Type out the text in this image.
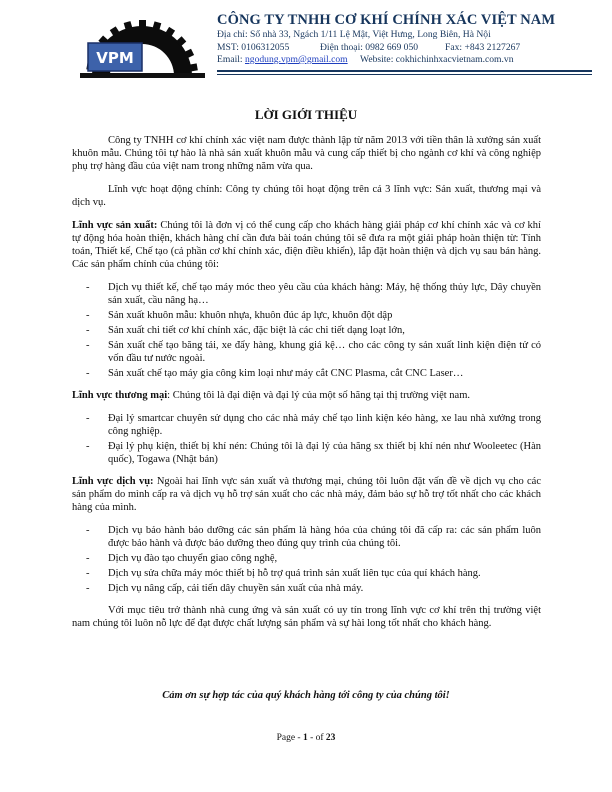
VPM
CÔNG TY TNHH CƠ KHÍ CHÍNH XÁC VIỆT NAM
Địa chỉ: Số nhà 33, Ngách 1/11 Lệ Mật, Việt Hưng, Long Biên, Hà Nội
MST: 0106312055	Điện thoại: 0982 669 050	Fax: +843 2127267
Email: ngodung.vpm@gmail.com Website: cokhichinhxacvietnam.com.vn
LỜI GIỚI THIỆU

Công ty TNHH cơ khí chính xác việt nam được thành lập từ năm 2013 với tiền thân là xưởng sản xuất khuôn mẫu. Chúng tôi tự hào là nhà sản xuất khuôn mẫu và cung cấp thiết bị cho ngành cơ khí và công nghiệp phụ trợ hàng đầu của việt nam trong những năm vừa qua.

Lĩnh vực hoạt động chính: Công ty chúng tôi hoạt động trên cả 3 lĩnh vực: Sản xuất, thương mại và dịch vụ.

Lĩnh vực sản xuất: Chúng tôi là đơn vị có thể cung cấp cho khách hàng giải pháp cơ khí chính xác và cơ khí tự động hóa hoàn thiện, khách hàng chỉ cần đưa bài toán chúng tôi sẽ đưa ra một giải pháp hoàn thiện từ: Tính toán, Thiết kế, Chế tạo (cả phần cơ khí chính xác, điện điều khiển), lắp đặt hoàn thiện và dịch vụ sau bán hàng. Các sản phẩm chính của chúng tôi:

- Dịch vụ thiết kế, chế tạo máy móc theo yêu cầu của khách hàng: Máy, hệ thống thủy lực, Dây chuyền sản xuất, cầu nâng hạ…
- Sản xuất khuôn mẫu: khuôn nhựa, khuôn đúc áp lực, khuôn đột dập
- Sản xuất chi tiết cơ khí chính xác, đặc biệt là các chi tiết dạng loạt lớn,
- Sản xuất chế tạo băng tải, xe đẩy hàng, khung giá kệ… cho các công ty sản xuất linh kiện điện tử có vốn đầu tư nước ngoài.
- Sản xuất chế tạo máy gia công kim loại như máy cắt CNC Plasma, cắt CNC Laser…

Lĩnh vực thương mại: Chúng tôi là đại diện và đại lý của một số hãng tại thị trường việt nam.

- Đại lý smartcar chuyên sử dụng cho các nhà máy chế tạo linh kiện kéo hàng, xe lau nhà xưởng trong công nghiệp.
- Đại lý phụ kiện, thiết bị khí nén: Chúng tôi là đại lý của hãng sx thiết bị khí nén như Wooleetec (Hàn quốc), Togawa (Nhật bản)

Lĩnh vực dịch vụ: Ngoài hai lĩnh vực sản xuất và thương mại, chúng tôi luôn đặt vấn đề về dịch vụ cho các sản phẩm do mình cấp ra và dịch vụ hỗ trợ sản xuất cho các nhà máy, đảm bảo sự hỗ trợ tốt nhất cho các khách hàng của mình.

- Dịch vụ bảo hành bảo dưỡng các sản phẩm là hàng hóa của chúng tôi đã cấp ra: các sản phẩm luôn được bảo hành và được bảo dưỡng theo đúng quy trình của chúng tôi.
- Dịch vụ đào tạo chuyển giao công nghệ,
- Dịch vụ sửa chữa máy móc thiết bị hỗ trợ quá trình sản xuất liên tục của quí khách hàng.
- Dịch vụ nâng cấp, cải tiến dây chuyền sản xuất của nhà máy.

Với mục tiêu trở thành nhà cung ứng và sản xuất có uy tín trong lĩnh vực cơ khí trên thị trường việt nam chúng tôi luôn nỗ lực để đạt được chất lượng sản phẩm và sự hài long tốt nhất cho khách hàng.

Cảm ơn sự hợp tác của quý khách hàng tới công ty của chúng tôi!
Page - 1 - of 23
